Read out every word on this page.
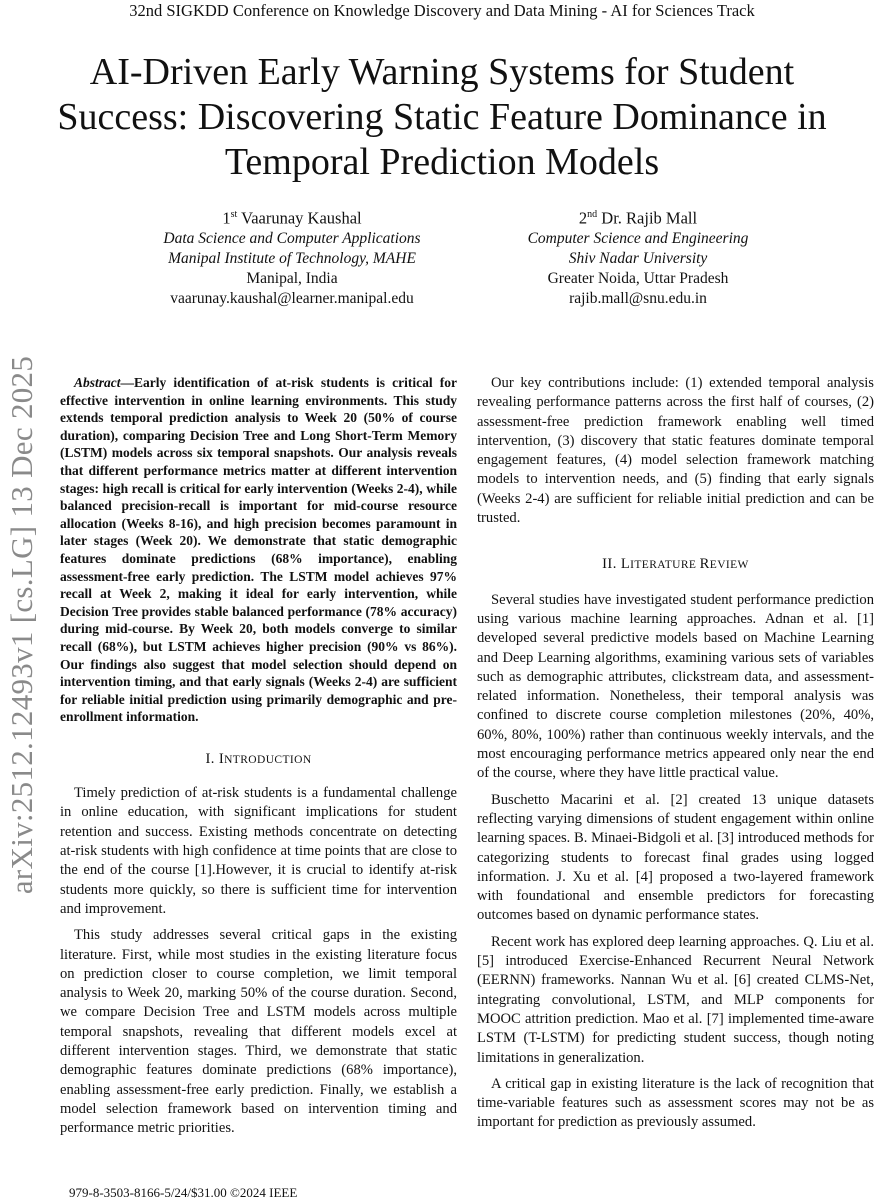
32nd SIGKDD Conference on Knowledge Discovery and Data Mining - AI for Sciences Track
AI-Driven Early Warning Systems for Student Success: Discovering Static Feature Dominance in Temporal Prediction Models
1st Vaarunay Kaushal
Data Science and Computer Applications
Manipal Institute of Technology, MAHE
Manipal, India
vaarunay.kaushal@learner.manipal.edu
2nd Dr. Rajib Mall
Computer Science and Engineering
Shiv Nadar University
Greater Noida, Uttar Pradesh
rajib.mall@snu.edu.in
arXiv:2512.12493v1 [cs.LG] 13 Dec 2025	Abstract—Early identification of at-risk students is critical for effective intervention in online learning environments. This study extends temporal prediction analysis to Week 20 (50% of course duration), comparing Decision Tree and Long Short-Term Memory (LSTM) models across six temporal snapshots. Our analysis reveals that different performance metrics matter at different intervention stages: high recall is critical for early intervention (Weeks 2-4), while balanced precision-recall is important for mid-course resource allocation (Weeks 8-16), and high precision becomes paramount in later stages (Week 20). We demonstrate that static demographic features dominate predictions (68% importance), enabling assessment-free early prediction. The LSTM model achieves 97% recall at Week 2, making it ideal for early intervention, while Decision Tree provides stable balanced performance (78% accuracy) during mid-course. By Week 20, both models converge to similar recall (68%), but LSTM achieves higher precision (90% vs 86%). Our findings also suggest that model selection should depend on intervention timing, and that early signals (Weeks 2-4) are sufficient for reliable initial prediction using primarily demographic and pre-enrollment information.

I. INTRODUCTION

Timely prediction of at-risk students is a fundamental challenge in online education, with significant implications for student retention and success. Existing methods concentrate on detecting at-risk students with high confidence at time points that are close to the end of the course [1].However, it is crucial to identify at-risk students more quickly, so there is sufficient time for intervention and improvement.

This study addresses several critical gaps in the existing literature. First, while most studies in the existing literature focus on prediction closer to course completion, we limit temporal analysis to Week 20, marking 50% of the course duration. Second, we compare Decision Tree and LSTM models across multiple temporal snapshots, revealing that different models excel at different intervention stages. Third, we demonstrate that static demographic features dominate predictions (68% importance), enabling assessment-free early prediction. Finally, we establish a model selection framework based on intervention timing and performance metric priorities.

Our key contributions include: (1) extended temporal analysis revealing performance patterns across the first half of courses, (2) assessment-free prediction framework enabling well timed intervention, (3) discovery that static features dominate temporal engagement features, (4) model selection framework matching models to intervention needs, and (5) finding that early signals (Weeks 2-4) are sufficient for reliable initial prediction and can be trusted.

II. LITERATURE REVIEW

Several studies have investigated student performance prediction using various machine learning approaches. Adnan et al. [1] developed several predictive models based on Machine Learning and Deep Learning algorithms, examining various sets of variables such as demographic attributes, clickstream data, and assessment-related information. Nonetheless, their temporal analysis was confined to discrete course completion milestones (20%, 40%, 60%, 80%, 100%) rather than continuous weekly intervals, and the most encouraging performance metrics appeared only near the end of the course, where they have little practical value.

Buschetto Macarini et al. [2] created 13 unique datasets reflecting varying dimensions of student engagement within online learning spaces. B. Minaei-Bidgoli et al. [3] introduced methods for categorizing students to forecast final grades using logged information. J. Xu et al. [4] proposed a two-layered framework with foundational and ensemble predictors for forecasting outcomes based on dynamic performance states.

Recent work has explored deep learning approaches. Q. Liu et al. [5] introduced Exercise-Enhanced Recurrent Neural Network (EERNN) frameworks. Nannan Wu et al. [6] created CLMS-Net, integrating convolutional, LSTM, and MLP components for MOOC attrition prediction. Mao et al. [7] implemented time-aware LSTM (T-LSTM) for predicting student success, though noting limitations in generalization.

A critical gap in existing literature is the lack of recognition that time-variable features such as assessment scores may not be as important for prediction as previously assumed.

979-8-3503-8166-5/24/$31.00 ©2024 IEEE
